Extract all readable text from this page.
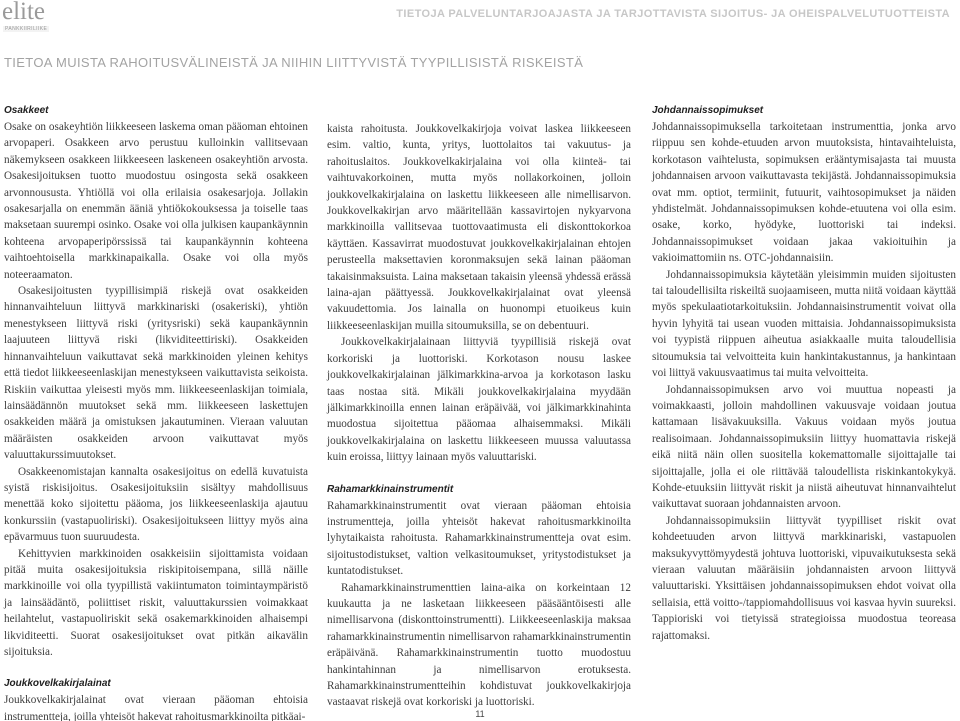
elite
PANKKIIRILIIKE
TIETOJA PALVELUNTARJOAJASTA JA TARJOTTAVISTA SIJOITUS- JA OHEISPALVELUTUOTTEISTA
TIETOA MUISTA RAHOITUSVÄLINEISTÄ JA NIIHIN LIITTYVISTÄ TYYPILLISISTÄ RISKEISTÄ
Osakkeet

Osake on osakeyhtiön liikkeeseen laskema oman pääoman ehtoinen arvopaperi. Osakkeen arvo perustuu kulloinkin vallitsevaan näkemykseen osakkeen liikkeeseen laskeneen osakeyhtiön arvosta. Osakesijoituksen tuotto muodostuu osingosta sekä osakkeen arvonnoususta. Yhtiöllä voi olla erilaisia osakesarjoja. Jollakin osakesarjalla on enemmän ääniä yhtiökokouksessa ja toiselle taas maksetaan suurempi osinko. Osake voi olla julkisen kaupankäynnin kohteena arvopaperipörssissä tai kaupankäynnin kohteena vaihtoehtoisella markkinapaikalla. Osake voi olla myös noteeraamaton.

Osakesijoitusten tyypillisimpiä riskejä ovat osakkeiden hinnanvaihteluun liittyvä markkinariski (osakeriski), yhtiön menestykseen liittyvä riski (yritysriski) sekä kaupankäynnin laajuuteen liittyvä riski (likviditeettiriski). Osakkeiden hinnanvaihteluun vaikuttavat sekä markkinoiden yleinen kehitys että tiedot liikkeeseenlaskijan menestykseen vaikuttavista seikoista. Riskiin vaikuttaa yleisesti myös mm. liikkeeseenlaskijan toimiala, lainsäädännön muutokset sekä mm. liikkeeseen laskettujen osakkeiden määrä ja omistuksen jakautuminen. Vieraan valuutan määräisten osakkeiden arvoon vaikuttavat myös valuuttakurssimuutokset.

Osakkeenomistajan kannalta osakesijoitus on edellä kuvatuista syistä riskisijoitus. Osakesijoituksiin sisältyy mahdollisuus menettää koko sijoitettu pääoma, jos liikkeeseenlaskija ajautuu konkurssiin (vastapuoliriski). Osakesijoitukseen liittyy myös aina epävarmuus tuon suuruudesta.

Kehittyvien markkinoiden osakkeisiin sijoittamista voidaan pitää muita osakesijoituksia riskipitoisempana, sillä näille markkinoille voi olla tyypillistä vakiintumaton toimintaympäristö ja lainsäädäntö, poliittiset riskit, valuuttakurssien voimakkaat heilahtelut, vastapuoliriskit sekä osakemarkkinoiden alhaisempi likviditeetti. Suorat osakesijoitukset ovat pitkän aikavälin sijoituksia.

Joukkovelkakirjalainat

Joukkovelkakirjalainat ovat vieraan pääoman ehtoisia instrumentteja, joilla yhteisöt hakevat rahoitusmarkkinoilta pitkäai-

kaista rahoitusta. Joukkovelkakirjoja voivat laskea liikkeeseen esim. valtio, kunta, yritys, luottolaitos tai vakuutus- ja rahoituslaitos. Joukkovelkakirjalaina voi olla kiinteä- tai vaihtuvakorkoinen, mutta myös nollakorkoinen, jolloin joukkovelkakirjalaina on laskettu liikkeeseen alle nimellisarvon. Joukkovelkakirjan arvo määritellään kassavirtojen nykyarvona markkinoilla vallitsevaa tuottovaatimusta eli diskonttokorkoa käyttäen. Kassavirrat muodostuvat joukkovelkakirjalainan ehtojen perusteella maksettavien koronmaksujen sekä lainan pääoman takaisinmaksuista. Laina maksetaan takaisin yleensä yhdessä erässä laina-ajan päättyessä. Joukkovelkakirjalainat ovat yleensä vakuudettomia. Jos lainalla on huonompi etuoikeus kuin liikkeeseenlaskijan muilla sitoumuksilla, se on debentuuri.

Joukkovelkakirjalainaan liittyviä tyypillisiä riskejä ovat korkoriski ja luottoriski. Korkotason nousu laskee joukkovelkakirjalainan jälkimarkkina-arvoa ja korkotason lasku taas nostaa sitä. Mikäli joukkovelkakirjalaina myydään jälkimarkkinoilla ennen lainan eräpäivää, voi jälkimarkkinahinta muodostua sijoitettua pääomaa alhaisemmaksi. Mikäli joukkovelkakirjalaina on laskettu liikkeeseen muussa valuutassa kuin eroissa, liittyy lainaan myös valuuttariski.

Rahamarkkinainstrumentit

Rahamarkkinainstrumentit ovat vieraan pääoman ehtoisia instrumentteja, joilla yhteisöt hakevat rahoitusmarkkinoilta lyhytaikaista rahoitusta. Rahamarkkinainstrumentteja ovat esim. sijoitustodistukset, valtion velkasitoumukset, yritystodistukset ja kuntatodistukset.

Rahamarkkinainstrumenttien laina-aika on korkeintaan 12 kuukautta ja ne lasketaan liikkeeseen pääsääntöisesti alle nimellisarvona (diskonttoinstrumentti). Liikkeeseenlaskija maksaa rahamarkkinainstrumentin nimellisarvon rahamarkkinainstrumentin eräpäivänä. Rahamarkkinainstrumentin tuotto muodostuu hankintahinnan ja nimellisarvon erotuksesta. Rahamarkkinainstrumentteihin kohdistuvat joukkovelkakirjoja vastaavat riskejä ovat korkoriski ja luottoriski.

Johdannaissopimukset

Johdannaissopimuksella tarkoitetaan instrumenttia, jonka arvo riippuu sen kohde-etuuden arvon muutoksista, hintavaihteluista, korkotason vaihtelusta, sopimuksen erääntymisajasta tai muusta johdannaisen arvoon vaikuttavasta tekijästä. Johdannaissopimuksia ovat mm. optiot, termiinit, futuurit, vaihtosopimukset ja näiden yhdistelmät. Johdannaissopimuksen kohde-etuutena voi olla esim. osake, korko, hyödyke, luottoriski tai indeksi. Johdannaissopimukset voidaan jakaa vakioituihin ja vakioimattomiin ns. OTC-johdannaisiin.

Johdannaissopimuksia käytetään yleisimmin muiden sijoitusten tai taloudellisilta riskeiltä suojaamiseen, mutta niitä voidaan käyttää myös spekulaatiotarkoituksiin. Johdannaisinstrumentit voivat olla hyvin lyhyitä tai usean vuoden mittaisia. Johdannaissopimuksista voi tyypistä riippuen aiheutua asiakkaalle muita taloudellisia sitoumuksia tai velvoitteita kuin hankintakustannus, ja hankintaan voi liittyä vakuusvaatimus tai muita velvoitteita.

Johdannaissopimuksen arvo voi muuttua nopeasti ja voimakkaasti, jolloin mahdollinen vakuusvaje voidaan joutua kattamaan lisävakuuksilla. Vakuus voidaan myös joutua realisoimaan. Johdannaissopimuksiin liittyy huomattavia riskejä eikä niitä näin ollen suositella kokemattomalle sijoittajalle tai sijoittajalle, jolla ei ole riittävää taloudellista riskinkantokykyä. Kohde-etuuksiin liittyvät riskit ja niistä aiheutuvat hinnanvaihtelut vaikuttavat suoraan johdannaisten arvoon.

Johdannaissopimuksiin liittyvät tyypilliset riskit ovat kohdeetuuden arvon liittyvä markkinariski, vastapuolen maksukyvyttömyydestä johtuva luottoriski, vipuvaikutuksesta sekä vieraan valuutan määräisiin johdannaisten arvoon liittyvä valuuttariski. Yksittäisen johdannaissopimuksen ehdot voivat olla sellaisia, että voitto-/tappiomahdollisuus voi kasvaa hyvin suureksi. Tappioriski voi tietyissä strategioissa muodostua teoreasa rajattomaksi.

11
